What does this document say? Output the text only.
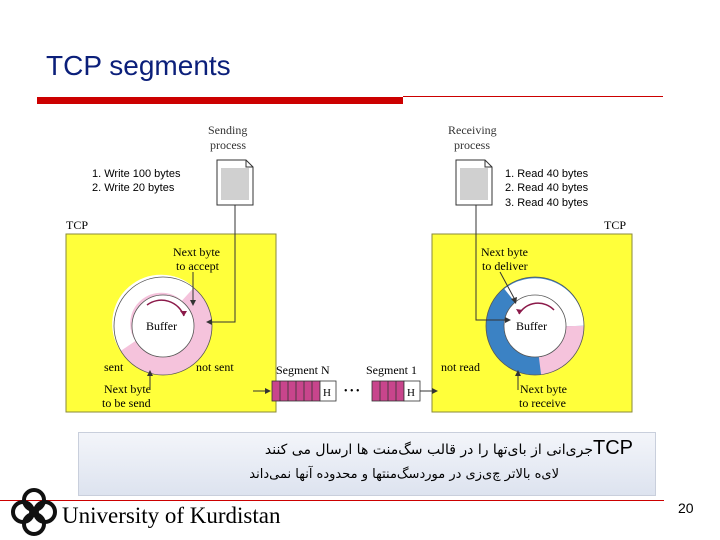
TCP segments
Buffer	Buffer
Sending
process
Receiving
process
1. Write 100 bytes
2. Write 20 bytes
1. Read 40 bytes
2. Read 40 bytes
3. Read 40 bytes
TCP	TCP
Next byte
to accept
sent	not sent
Next byte
to be send
Next byte
to deliver
not read
Next byte
to receive
Segment N	Segment 1
H • • •	H
TCPجری‌انی از بای‌تها را در قالب سگ‌منت ها ارسال می کنند
لای‌ه بالاتر چ‌ی‌زی در مورد‌سگ‌منتها و محدوده آنها نمی‌داند
University of Kurdistan	20
